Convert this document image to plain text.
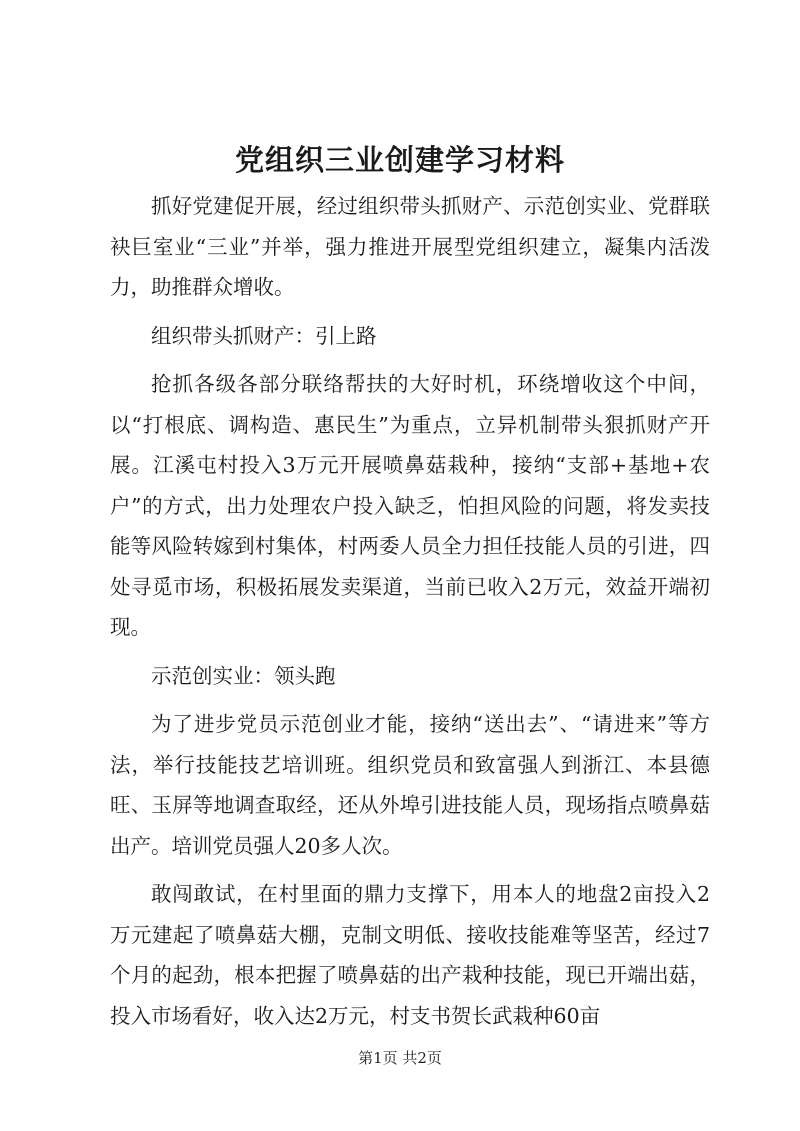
党组织三业创建学习材料

抓好党建促开展，经过组织带头抓财产、示范创实业、党群联袂巨室业“三业”并举，强力推进开展型党组织建立，凝集内活泼力，助推群众增收。

组织带头抓财产：引上路

抢抓各级各部分联络帮扶的大好时机，环绕增收这个中间，以“打根底、调构造、惠民生”为重点，立异机制带头狠抓财产开展。江溪屯村投入3万元开展喷鼻菇栽种，接纳“支部+基地+农户”的方式，出力处理农户投入缺乏，怕担风险的问题，将发卖技能等风险转嫁到村集体，村两委人员全力担任技能人员的引进，四处寻觅市场，积极拓展发卖渠道，当前已收入2万元，效益开端初现。

示范创实业：领头跑

为了进步党员示范创业才能，接纳“送出去”、“请进来”等方法，举行技能技艺培训班。组织党员和致富强人到浙江、本县德旺、玉屏等地调查取经，还从外埠引进技能人员，现场指点喷鼻菇出产。培训党员强人20多人次。

敢闯敢试，在村里面的鼎力支撑下，用本人的地盘2亩投入2万元建起了喷鼻菇大棚，克制文明低、接收技能难等坚苦，经过7个月的起劲，根本把握了喷鼻菇的出产栽种技能，现已开端出菇，投入市场看好，收入达2万元，村支书贺长武栽种60亩

第1页 共2页
